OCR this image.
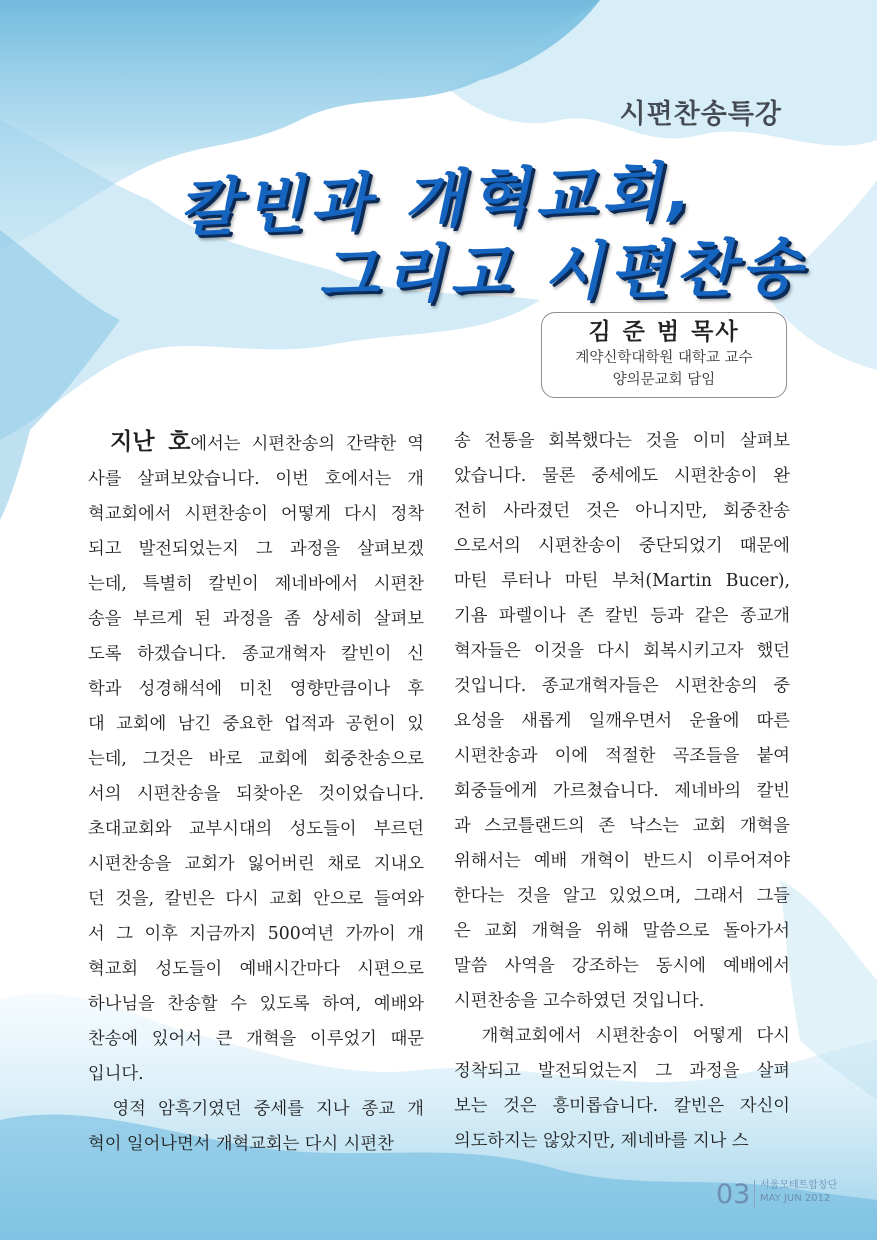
시편찬송특강
칼빈과 개혁교회,
그리고 시편찬송
김 준 범 목사
계약신학대학원 대학교 교수
양의문교회 담임

지난 호에서는 시편찬송의 간략한 역

사를 살펴보았습니다. 이번 호에서는 개

혁교회에서 시편찬송이 어떻게 다시 정착

되고 발전되었는지 그 과정을 살펴보겠

는데, 특별히 칼빈이 제네바에서 시편찬

송을 부르게 된 과정을 좀 상세히 살펴보

도록 하겠습니다. 종교개혁자 칼빈이 신

학과 성경해석에 미친 영향만큼이나 후

대 교회에 남긴 중요한 업적과 공헌이 있

는데, 그것은 바로 교회에 회중찬송으로

서의 시편찬송을 되찾아온 것이었습니다.

초대교회와 교부시대의 성도들이 부르던

시편찬송을 교회가 잃어버린 채로 지내오

던 것을, 칼빈은 다시 교회 안으로 들여와

서 그 이후 지금까지 500여년 가까이 개

혁교회 성도들이 예배시간마다 시편으로

하나님을 찬송할 수 있도록 하여, 예배와

찬송에 있어서 큰 개혁을 이루었기 때문

입니다.

영적 암흑기였던 중세를 지나 종교 개

혁이 일어나면서 개혁교회는 다시 시편찬

송 전통을 회복했다는 것을 이미 살펴보

았습니다. 물론 중세에도 시편찬송이 완

전히 사라졌던 것은 아니지만, 회중찬송

으로서의 시편찬송이 중단되었기 때문에

마틴 루터나 마틴 부처(Martin Bucer),

기욤 파렐이나 존 칼빈 등과 같은 종교개

혁자들은 이것을 다시 회복시키고자 했던

것입니다. 종교개혁자들은 시편찬송의 중

요성을 새롭게 일깨우면서 운율에 따른

시편찬송과 이에 적절한 곡조들을 붙여

회중들에게 가르쳤습니다. 제네바의 칼빈

과 스코틀랜드의 존 낙스는 교회 개혁을

위해서는 예배 개혁이 반드시 이루어져야

한다는 것을 알고 있었으며, 그래서 그들

은 교회 개혁을 위해 말씀으로 돌아가서

말씀 사역을 강조하는 동시에 예배에서

시편찬송을 고수하였던 것입니다.

개혁교회에서 시편찬송이 어떻게 다시

정착되고 발전되었는지 그 과정을 살펴

보는 것은 흥미롭습니다. 칼빈은 자신이

의도하지는 않았지만, 제네바를 지나 스

03 서울모테트합창단
MAY JUN 2012
